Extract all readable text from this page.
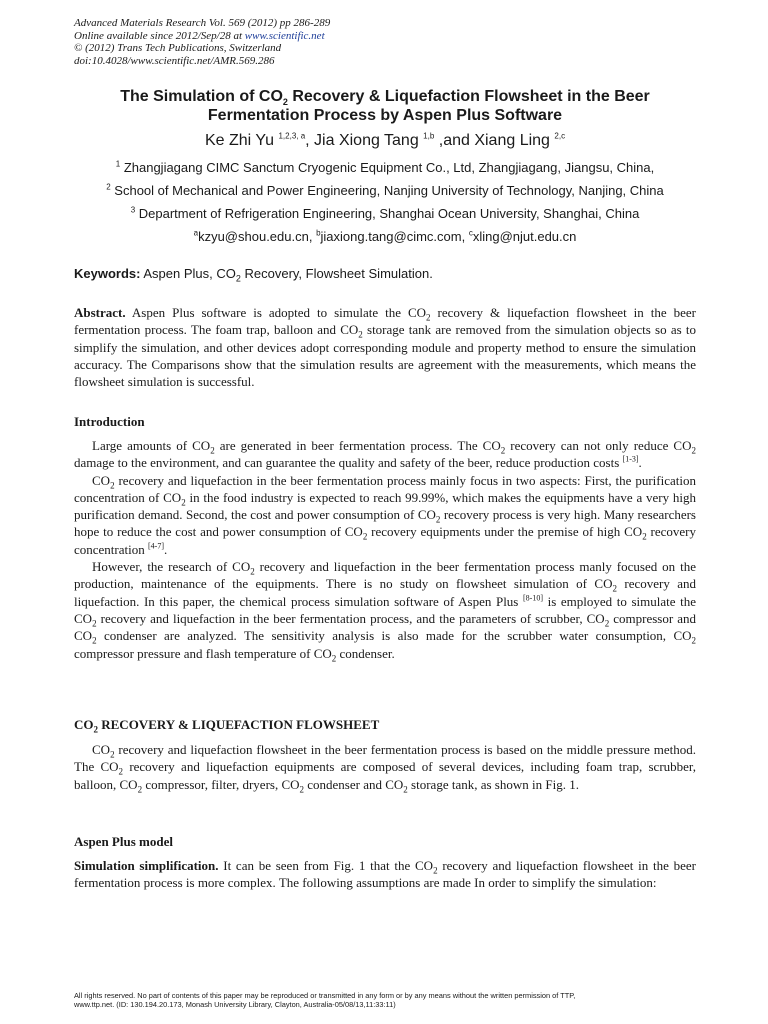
Advanced Materials Research Vol. 569 (2012) pp 286-289
Online available since 2012/Sep/28 at www.scientific.net
© (2012) Trans Tech Publications, Switzerland
doi:10.4028/www.scientific.net/AMR.569.286
The Simulation of $CO_2$ Recovery & Liquefaction Flowsheet in the Beer
Fermentation Process by Aspen Plus Software
Ke Zhi Yu $^{1,2,3, a}$, Jia Xiong Tang $^{1,b}$ ,and Xiang Ling $^{2,c}$
$^1$ Zhangjiagang CIMC Sanctum Cryogenic Equipment Co., Ltd, Zhangjiagang, Jiangsu, China,
$^2$ School of Mechanical and Power Engineering, Nanjing University of Technology, Nanjing, China
$^3$ Department of Refrigeration Engineering, Shanghai Ocean University, Shanghai, China
$^a$kzyu@shou.edu.cn, $^b$jiaxiong.tang@cimc.com, $^c$xling@njut.edu.cn
Keywords: Aspen Plus, $CO_2$ Recovery, Flowsheet Simulation.

Abstract. Aspen Plus software is adopted to simulate the $CO_2$ recovery & liquefaction flowsheet in the beer fermentation process. The foam trap, balloon and $CO_2$ storage tank are removed from the simulation objects so as to simplify the simulation, and other devices adopt corresponding module and property method to ensure the simulation accuracy. The Comparisons show that the simulation results are agreement with the measurements, which means the flowsheet simulation is successful.

Introduction

Large amounts of $CO_2$ are generated in beer fermentation process. The $CO_2$ recovery can not only reduce $CO_2$ damage to the environment, and can guarantee the quality and safety of the beer, reduce production costs [1-3].

$CO_2$ recovery and liquefaction in the beer fermentation process mainly focus in two aspects: First, the purification concentration of $CO_2$ in the food industry is expected to reach 99.99%, which makes the equipments have a very high purification demand. Second, the cost and power consumption of $CO_2$ recovery process is very high. Many researchers hope to reduce the cost and power consumption of $CO_2$ recovery equipments under the premise of high $CO_2$ recovery concentration [4-7].

However, the research of $CO_2$ recovery and liquefaction in the beer fermentation process manly focused on the production, maintenance of the equipments. There is no study on flowsheet simulation of $CO_2$ recovery and liquefaction. In this paper, the chemical process simulation software of Aspen Plus [8-10] is employed to simulate the $CO_2$ recovery and liquefaction in the beer fermentation process, and the parameters of scrubber, $CO_2$ compressor and $CO_2$ condenser are analyzed. The sensitivity analysis is also made for the scrubber water consumption, $CO_2$ compressor pressure and flash temperature of $CO_2$ condenser.

$CO_2$ RECOVERY & LIQUEFACTION FLOWSHEET

$CO_2$ recovery and liquefaction flowsheet in the beer fermentation process is based on the middle pressure method. The $CO_2$ recovery and liquefaction equipments are composed of several devices, including foam trap, scrubber, balloon, $CO_2$ compressor, filter, dryers, $CO_2$ condenser and $CO_2$ storage tank, as shown in Fig. 1.

Aspen Plus model

Simulation simplification. It can be seen from Fig. 1 that the $CO_2$ recovery and liquefaction flowsheet in the beer fermentation process is more complex. The following assumptions are made In order to simplify the simulation:

All rights reserved. No part of contents of this paper may be reproduced or transmitted in any form or by any means without the written permission of TTP,
www.ttp.net. (ID: 130.194.20.173, Monash University Library, Clayton, Australia-05/08/13,11:33:11)
